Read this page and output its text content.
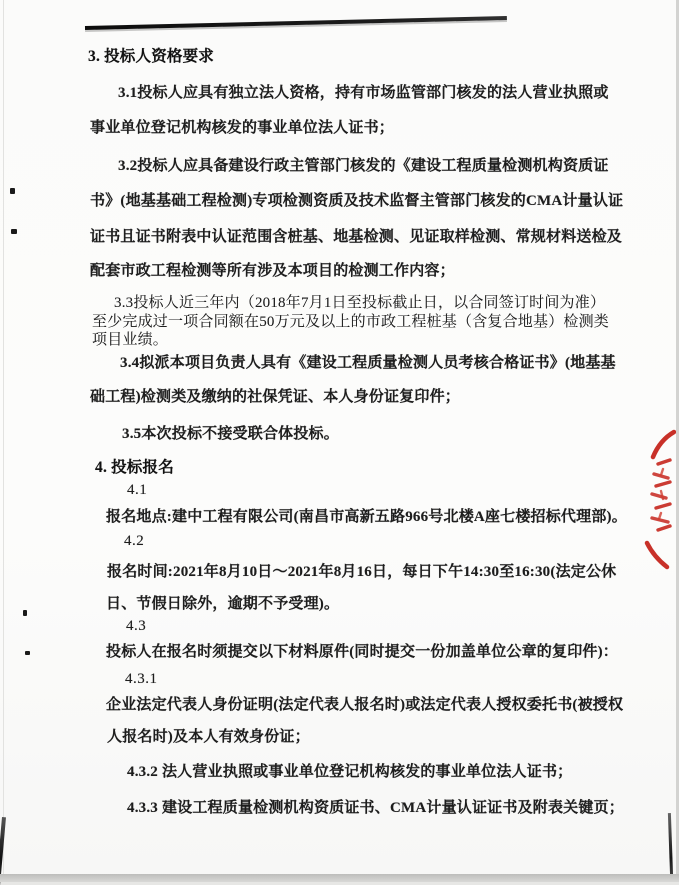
3. 投标人资格要求
3.1投标人应具有独立法人资格，持有市场监管部门核发的法人营业执照或
事业单位登记机构核发的事业单位法人证书；
3.2投标人应具备建设行政主管部门核发的《建设工程质量检测机构资质证
书》(地基基础工程检测)专项检测资质及技术监督主管部门核发的CMA计量认证
证书且证书附表中认证范围含桩基、地基检测、见证取样检测、常规材料送检及
配套市政工程检测等所有涉及本项目的检测工作内容；
3.3投标人近三年内（2018年7月1日至投标截止日，以合同签订时间为准）
至少完成过一项合同额在50万元及以上的市政工程桩基（含复合地基）检测类
项目业绩。
3.4拟派本项目负责人具有《建设工程质量检测人员考核合格证书》(地基基
础工程)检测类及缴纳的社保凭证、本人身份证复印件；
3.5本次投标不接受联合体投标。
4. 投标报名
4.1
报名地点:建中工程有限公司(南昌市高新五路966号北楼A座七楼招标代理部)。
4.2
报名时间:2021年8月10日～2021年8月16日，每日下午14:30至16:30(法定公休
日、节假日除外，逾期不予受理)。
4.3
投标人在报名时须提交以下材料原件(同时提交一份加盖单位公章的复印件)：
4.3.1
企业法定代表人身份证明(法定代表人报名时)或法定代表人授权委托书(被授权
人报名时)及本人有效身份证；
4.3.2 法人营业执照或事业单位登记机构核发的事业单位法人证书；
4.3.3 建设工程质量检测机构资质证书、CMA计量认证证书及附表关键页；
